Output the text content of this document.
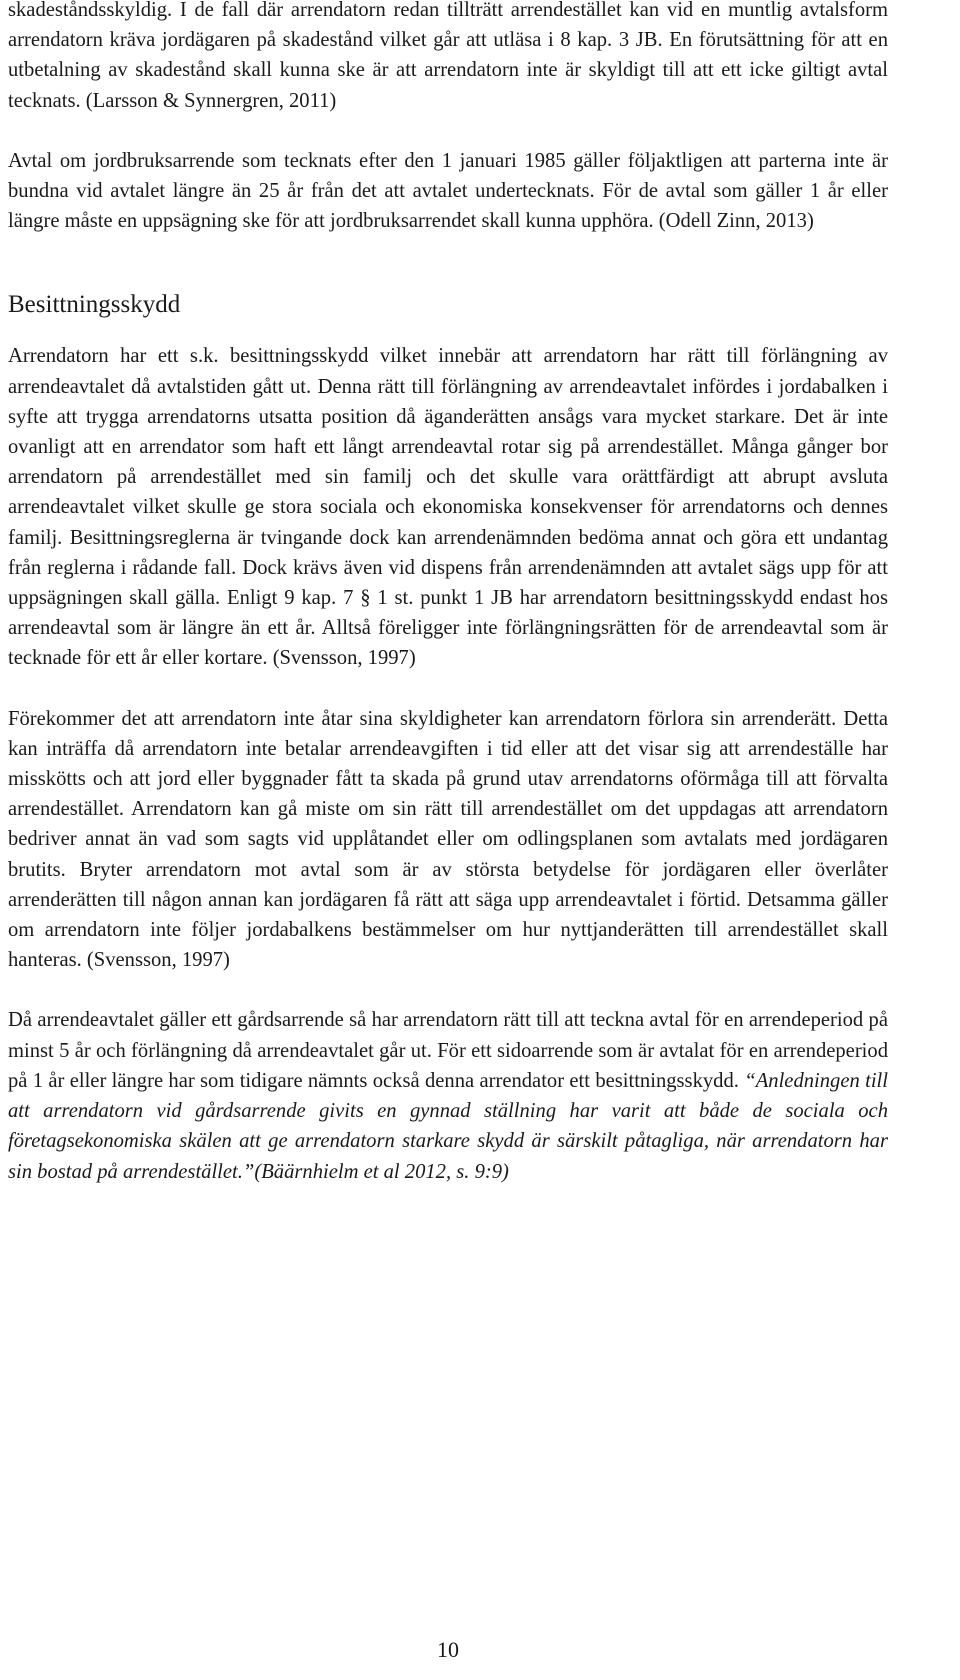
skadeståndsskyldig. I de fall där arrendatorn redan tillträtt arrendestället kan vid en muntlig avtalsform arrendatorn kräva jordägaren på skadestånd vilket går att utläsa i 8 kap. 3 JB. En förutsättning för att en utbetalning av skadestånd skall kunna ske är att arrendatorn inte är skyldigt till att ett icke giltigt avtal tecknats. (Larsson & Synnergren, 2011)

Avtal om jordbruksarrende som tecknats efter den 1 januari 1985 gäller följaktligen att parterna inte är bundna vid avtalet längre än 25 år från det att avtalet undertecknats. För de avtal som gäller 1 år eller längre måste en uppsägning ske för att jordbruksarrendet skall kunna upphöra. (Odell Zinn, 2013)

Besittningsskydd

Arrendatorn har ett s.k. besittningsskydd vilket innebär att arrendatorn har rätt till förlängning av arrendeavtalet då avtalstiden gått ut. Denna rätt till förlängning av arrendeavtalet infördes i jordabalken i syfte att trygga arrendatorns utsatta position då äganderätten ansågs vara mycket starkare. Det är inte ovanligt att en arrendator som haft ett långt arrendeavtal rotar sig på arrendestället. Många gånger bor arrendatorn på arrendestället med sin familj och det skulle vara orättfärdigt att abrupt avsluta arrendeavtalet vilket skulle ge stora sociala och ekonomiska konsekvenser för arrendatorns och dennes familj. Besittningsreglerna är tvingande dock kan arrendenämnden bedöma annat och göra ett undantag från reglerna i rådande fall. Dock krävs även vid dispens från arrendenämnden att avtalet sägs upp för att uppsägningen skall gälla. Enligt 9 kap. 7 § 1 st. punkt 1 JB har arrendatorn besittningsskydd endast hos arrendeavtal som är längre än ett år. Alltså föreligger inte förlängningsrätten för de arrendeavtal som är tecknade för ett år eller kortare. (Svensson, 1997)

Förekommer det att arrendatorn inte åtar sina skyldigheter kan arrendatorn förlora sin arrenderätt. Detta kan inträffa då arrendatorn inte betalar arrendeavgiften i tid eller att det visar sig att arrendeställe har misskötts och att jord eller byggnader fått ta skada på grund utav arrendatorns oförmåga till att förvalta arrendestället. Arrendatorn kan gå miste om sin rätt till arrendestället om det uppdagas att arrendatorn bedriver annat än vad som sagts vid upplåtandet eller om odlingsplanen som avtalats med jordägaren brutits. Bryter arrendatorn mot avtal som är av största betydelse för jordägaren eller överlåter arrenderätten till någon annan kan jordägaren få rätt att säga upp arrendeavtalet i förtid. Detsamma gäller om arrendatorn inte följer jordabalkens bestämmelser om hur nyttjanderätten till arrendestället skall hanteras. (Svensson, 1997)

Då arrendeavtalet gäller ett gårdsarrende så har arrendatorn rätt till att teckna avtal för en arrendeperiod på minst 5 år och förlängning då arrendeavtalet går ut. För ett sidoarrende som är avtalat för en arrendeperiod på 1 år eller längre har som tidigare nämnts också denna arrendator ett besittningsskydd. “Anledningen till att arrendatorn vid gårdsarrende givits en gynnad ställning har varit att både de sociala och företagsekonomiska skälen att ge arrendatorn starkare skydd är särskilt påtagliga, när arrendatorn har sin bostad på arrendestället.”(Bäärnhielm et al 2012, s. 9:9)

10
